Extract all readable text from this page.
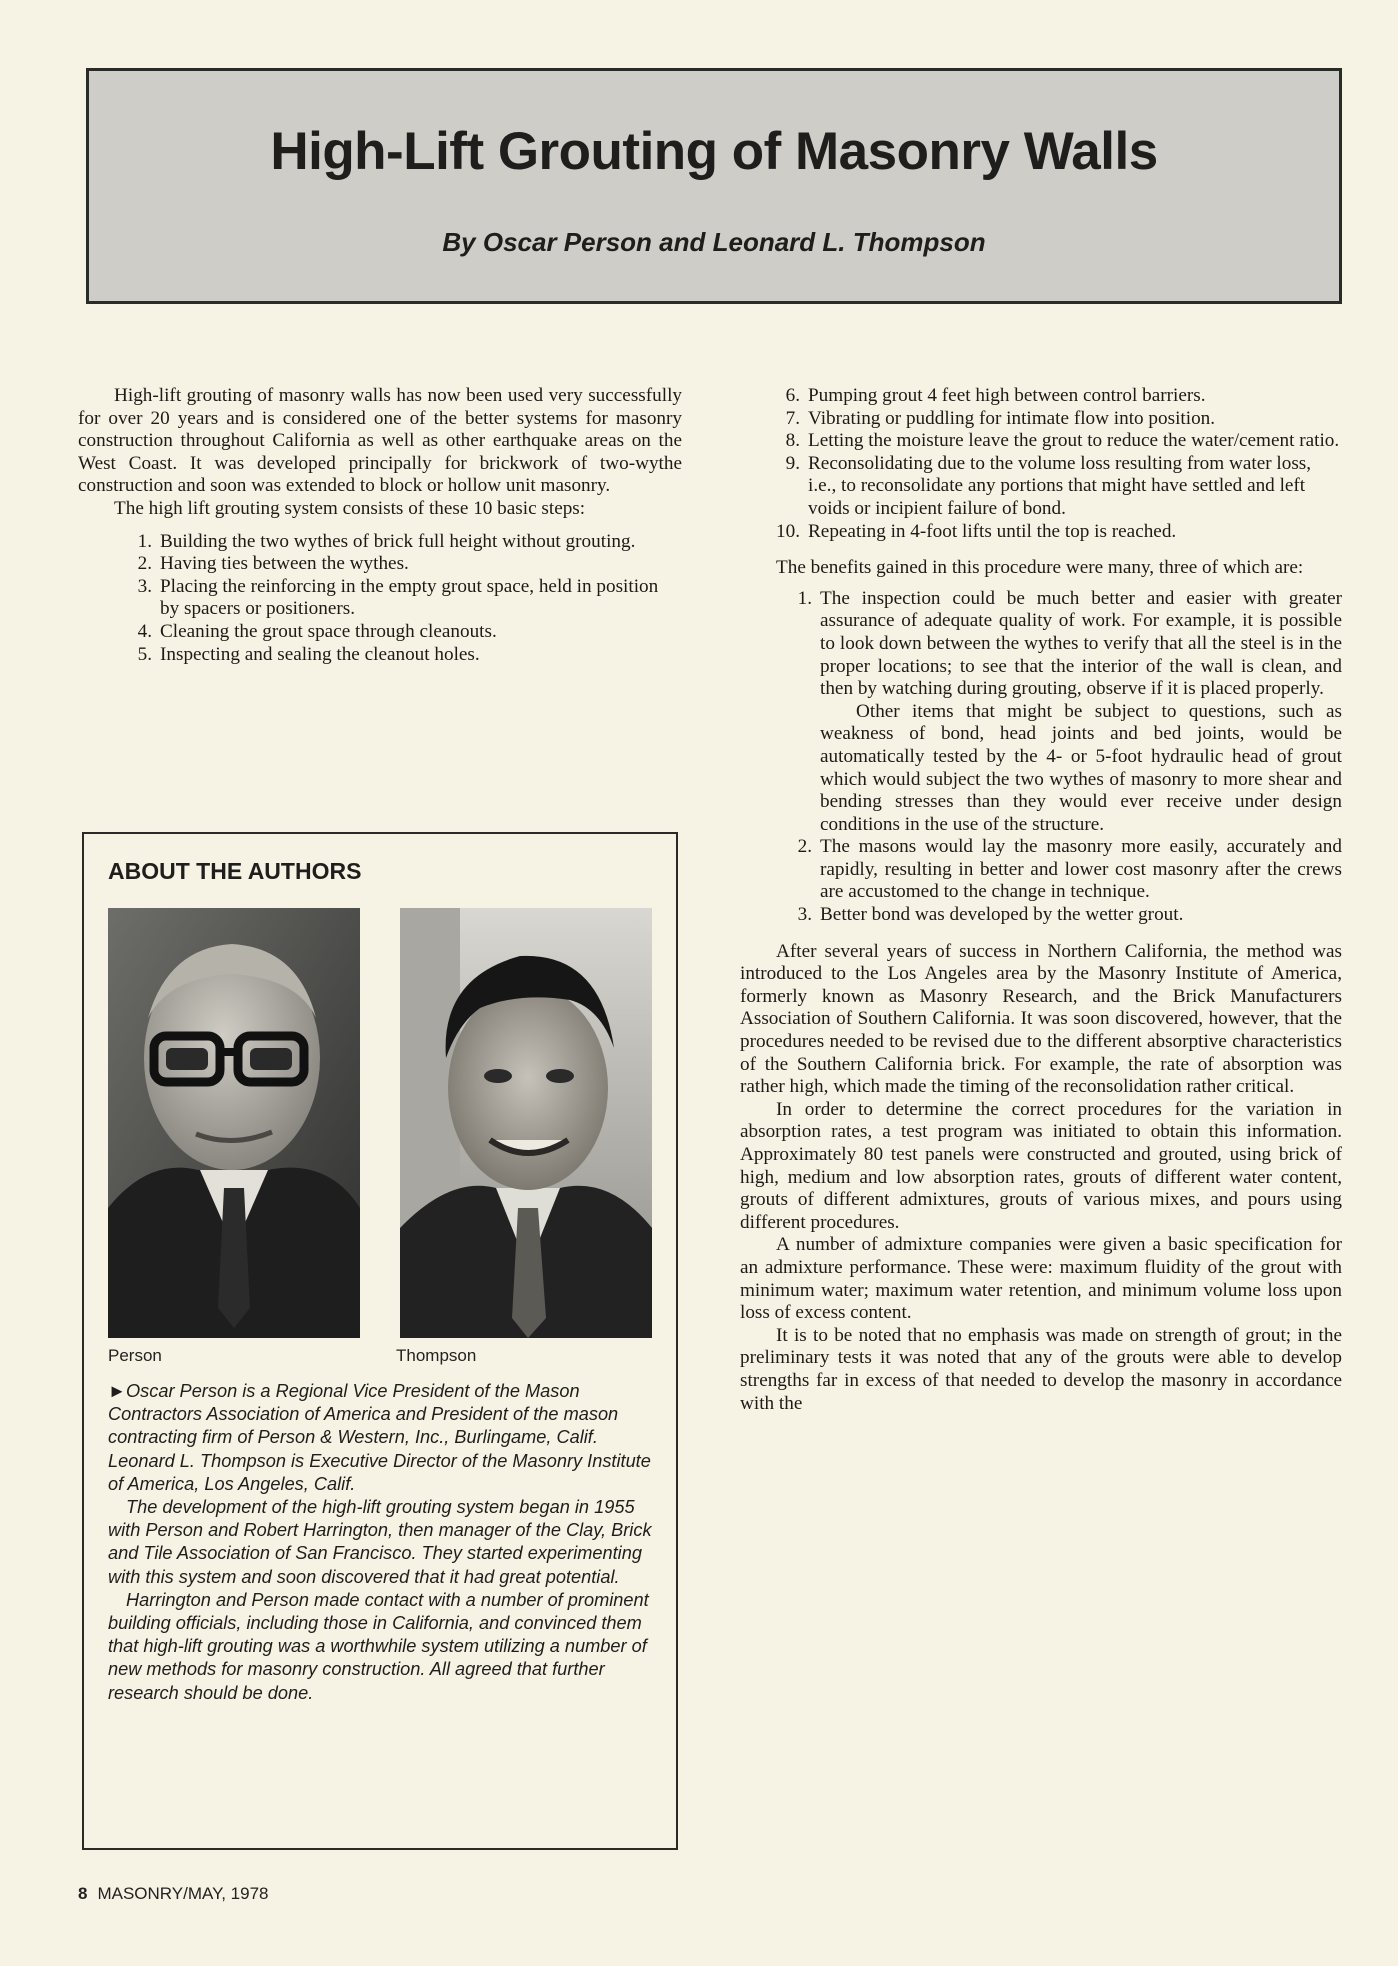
High-Lift Grouting of Masonry Walls
By Oscar Person and Leonard L. Thompson

High-lift grouting of masonry walls has now been used very successfully for over 20 years and is considered one of the better systems for masonry construction throughout California as well as other earthquake areas on the West Coast. It was developed principally for brickwork of two-wythe construction and soon was extended to block or hollow unit masonry.

The high lift grouting system consists of these 10 basic steps:

1. Building the two wythes of brick full height without grouting.
2. Having ties between the wythes.
3. Placing the reinforcing in the empty grout space, held in position by spacers or positioners.
4. Cleaning the grout space through cleanouts.
5. Inspecting and sealing the cleanout holes.
ABOUT THE AUTHORS
Person	Thompson

►Oscar Person is a Regional Vice President of the Mason Contractors Association of America and President of the mason contracting firm of Person & Western, Inc., Burlingame, Calif. Leonard L. Thompson is Executive Director of the Masonry Institute of America, Los Angeles, Calif.

The development of the high-lift grouting system began in 1955 with Person and Robert Harrington, then manager of the Clay, Brick and Tile Association of San Francisco. They started experimenting with this system and soon discovered that it had great potential.

Harrington and Person made contact with a number of prominent building officials, including those in California, and convinced them that high-lift grouting was a worthwhile system utilizing a number of new methods for masonry construction. All agreed that further research should be done.

6. Pumping grout 4 feet high between control barriers.
7. Vibrating or puddling for intimate flow into position.
8. Letting the moisture leave the grout to reduce the water/cement ratio.
9. Reconsolidating due to the volume loss resulting from water loss, i.e., to reconsolidate any portions that might have settled and left voids or incipient failure of bond.
10. Repeating in 4-foot lifts until the top is reached.

The benefits gained in this procedure were many, three of which are:

1. The inspection could be much better and easier with greater assurance of adequate quality of work. For example, it is possible to look down between the wythes to verify that all the steel is in the proper locations; to see that the interior of the wall is clean, and then by watching during grouting, observe if it is placed properly.
Other items that might be subject to questions, such as weakness of bond, head joints and bed joints, would be automatically tested by the 4- or 5-foot hydraulic head of grout which would subject the two wythes of masonry to more shear and bending stresses than they would ever receive under design conditions in the use of the structure.
2. The masons would lay the masonry more easily, accurately and rapidly, resulting in better and lower cost masonry after the crews are accustomed to the change in technique.
3. Better bond was developed by the wetter grout.

After several years of success in Northern California, the method was introduced to the Los Angeles area by the Masonry Institute of America, formerly known as Masonry Research, and the Brick Manufacturers Association of Southern California. It was soon discovered, however, that the procedures needed to be revised due to the different absorptive characteristics of the Southern California brick. For example, the rate of absorption was rather high, which made the timing of the reconsolidation rather critical.

In order to determine the correct procedures for the variation in absorption rates, a test program was initiated to obtain this information. Approximately 80 test panels were constructed and grouted, using brick of high, medium and low absorption rates, grouts of different water content, grouts of different admixtures, grouts of various mixes, and pours using different procedures.

A number of admixture companies were given a basic specification for an admixture performance. These were: maximum fluidity of the grout with minimum water; maximum water retention, and minimum volume loss upon loss of excess content.

It is to be noted that no emphasis was made on strength of grout; in the preliminary tests it was noted that any of the grouts were able to develop strengths far in excess of that needed to develop the masonry in accordance with the

8 MASONRY/MAY, 1978
